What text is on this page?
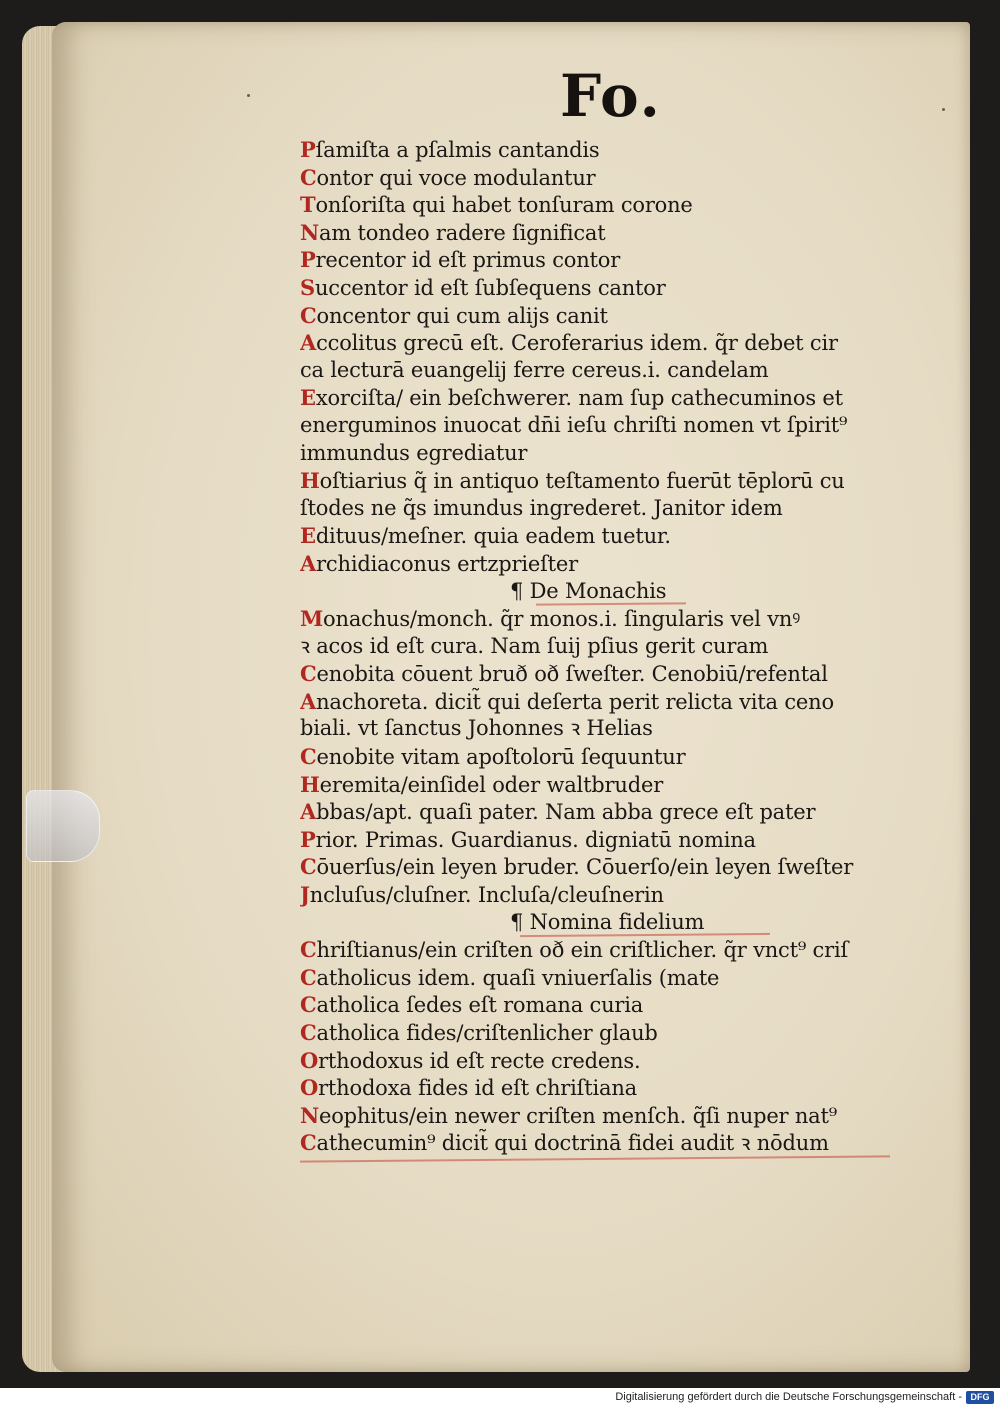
Fo.
Pſamiſta a pſalmis cantandis
Contor qui voce modulantur
Tonſoriſta qui habet tonſuram corone
Nam tondeo radere ſignificat
Precentor id eſt primus contor
Succentor id eſt ſubſequens cantor
Concentor qui cum alijs canit
Accolitus grecū eſt. Ceroferarius idem. q̃r debet cir
ca lecturā euangelij ferre cereus.i. candelam
Exorciſta/ ein beſchwerer. nam ſup cathecuminos et
energuminos inuocat dn̄i ieſu chriſti nomen vt ſpirit⁹
immundus egrediatur
Hoſtiarius q̃ in antiquo teſtamento fuerūt tēplorū cu
ſtodes ne q̃s imundus ingrederet. Janitor idem
Edituus/meſner. quia eadem tuetur.
Archidiaconus ertzprieſter
¶ De Monachis
Monachus/monch. q̃r monos.i. ſingularis vel vnꝰ
ꝛ acos id eſt cura. Nam ſuij pſius gerit curam
Cenobita cōuent bruð oð ſweſter. Cenobiū/refental
Anachoreta. dicit̃ qui deſerta perit relicta vita ceno
biali. vt ſanctus Johonnes ꝛ Helias
Cenobite vitam apoſtolorū ſequuntur
Heremita/einſidel oder waltbruder
Abbas/apt. quaſi pater. Nam abba grece eſt pater
Prior. Primas. Guardianus. digniatū nomina
Cōuerſus/ein leyen bruder. Cōuerſo/ein leyen ſweſter
Jncluſus/cluſner. Incluſa/cleuſnerin
¶ Nomina fidelium
Chriſtianus/ein criſten oð ein criſtlicher. q̃r vnct⁹ criſ
Catholicus idem. quaſi vniuerſalis (mate
Catholica ſedes eſt romana curia
Catholica fides/criſtenlicher glaub
Orthodoxus id eſt recte credens.
Orthodoxa fides id eſt chriſtiana
Neophitus/ein newer criſten menſch. q̃ſi nuper nat⁹
Cathecumin⁹ dicit̃ qui doctrinā fidei audit ꝛ nōdum
Digitalisierung gefördert durch die Deutsche Forschungsgemeinschaft - DFG
